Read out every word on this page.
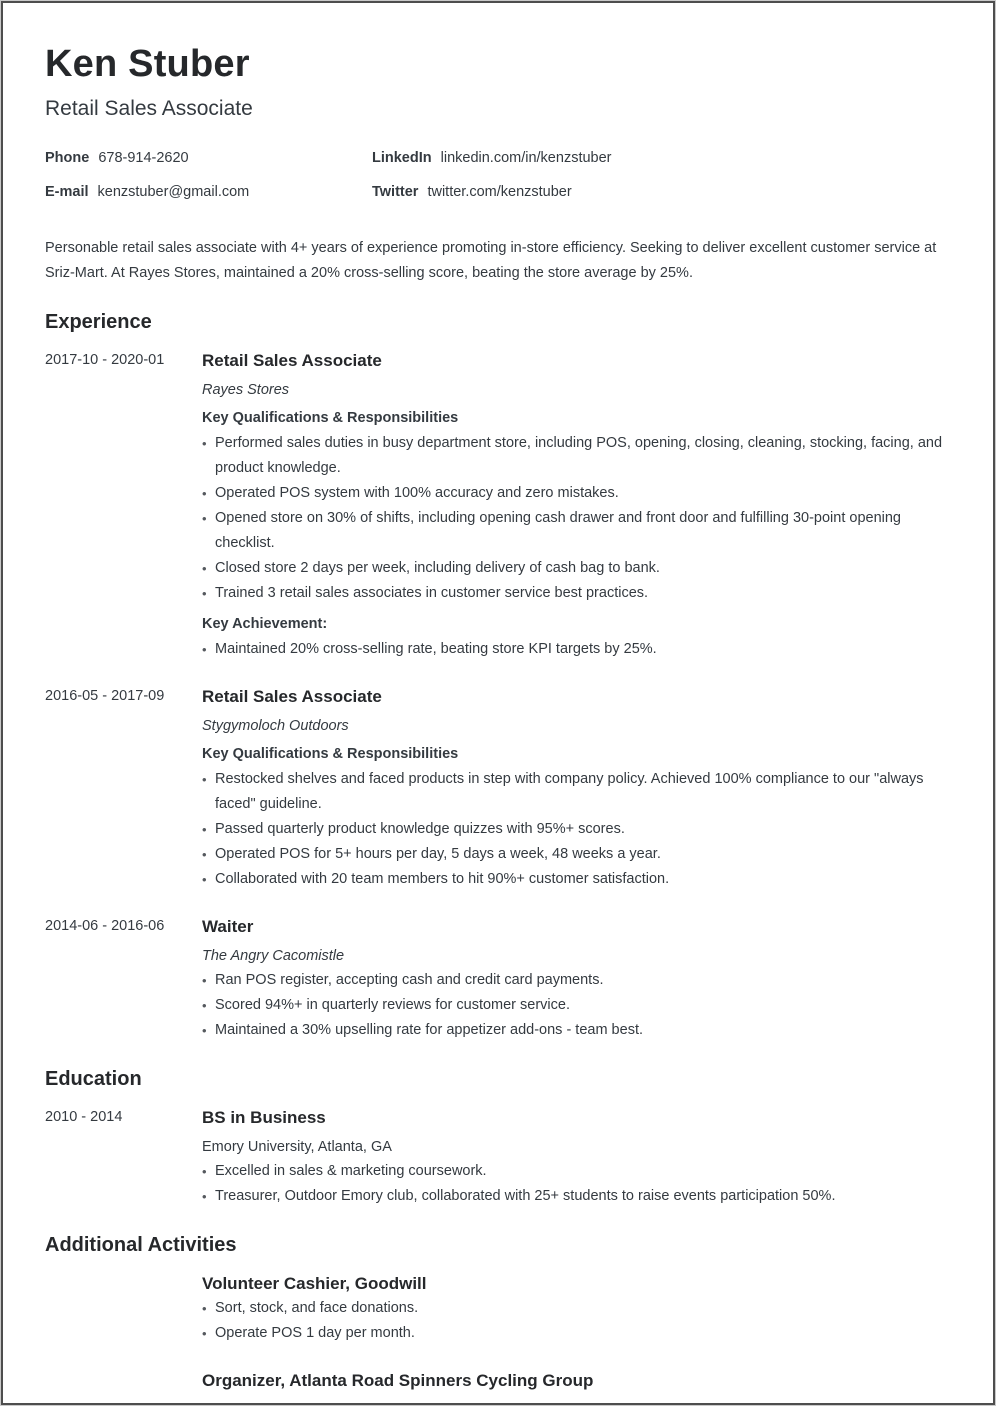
Ken Stuber
Retail Sales Associate
Phone 678-914-2620	LinkedIn linkedin.com/in/kenzstuber
E-mail kenzstuber@gmail.com	Twitter twitter.com/kenzstuber

Personable retail sales associate with 4+ years of experience promoting in-store efficiency. Seeking to deliver excellent customer service at Sriz-Mart. At Rayes Stores, maintained a 20% cross-selling score, beating the store average by 25%.

Experience
2017-10 - 2020-01	Retail Sales Associate
Rayes Stores
Key Qualifications & Responsibilities
• Performed sales duties in busy department store, including POS, opening, closing, cleaning, stocking, facing, and product knowledge.
• Operated POS system with 100% accuracy and zero mistakes.
• Opened store on 30% of shifts, including opening cash drawer and front door and fulfilling 30-point opening checklist.
• Closed store 2 days per week, including delivery of cash bag to bank.
• Trained 3 retail sales associates in customer service best practices.
Key Achievement:
• Maintained 20% cross-selling rate, beating store KPI targets by 25%.
2016-05 - 2017-09	Retail Sales Associate
Stygymoloch Outdoors
Key Qualifications & Responsibilities
• Restocked shelves and faced products in step with company policy. Achieved 100% compliance to our "always faced" guideline.
• Passed quarterly product knowledge quizzes with 95%+ scores.
• Operated POS for 5+ hours per day, 5 days a week, 48 weeks a year.
• Collaborated with 20 team members to hit 90%+ customer satisfaction.
2014-06 - 2016-06	Waiter
The Angry Cacomistle
• Ran POS register, accepting cash and credit card payments.
• Scored 94%+ in quarterly reviews for customer service.
• Maintained a 30% upselling rate for appetizer add-ons - team best.
Education
2010 - 2014	BS in Business
Emory University, Atlanta, GA
• Excelled in sales & marketing coursework.
• Treasurer, Outdoor Emory club, collaborated with 25+ students to raise events participation 50%.
Additional Activities
Volunteer Cashier, Goodwill
• Sort, stock, and face donations.
• Operate POS 1 day per month.
Organizer, Atlanta Road Spinners Cycling Group
